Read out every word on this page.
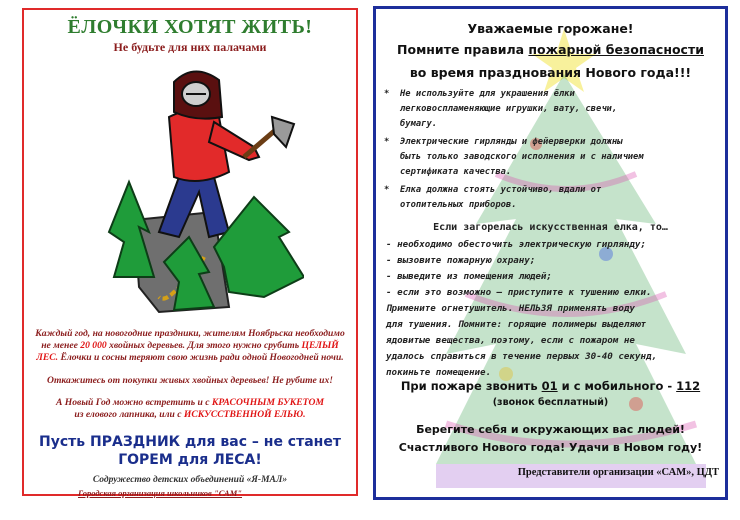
ЁЛОЧКИ ХОТЯТ ЖИТЬ!
Не будьте для них палачами
Каждый год, на новогодние праздники, жителям Ноябрьска необходимо не менее 20 000 хвойных деревьев. Для этого нужно срубить ЦЕЛЫЙ ЛЕС. Ёлочки и сосны теряют свою жизнь ради одной Новогодней ночи.
Откажитесь от покупки живых хвойных деревьев! Не рубите их!
А Новый Год можно встретить и с КРАСОЧНЫМ БУКЕТОМ
из елового лапника, или с ИСКУССТВЕННОЙ ЕЛЬЮ.
Пусть ПРАЗДНИК для вас – не станет
ГОРЕМ для ЛЕСА!
Содружество детских объединений «Я-МАЛ»
Городская организация школьников "САМ"
Уважаемые горожане!
Помните правила пожарной безопасности
во время празднования Нового года!!!
*	Не используйте для украшения ёлки
легковоспламеняющие игрушки, вату, свечи,
бумагу.
*	Электрические гирлянды и фейерверки должны
быть только заводского исполнения и с наличием
сертификата качества.
*	Елка должна стоять устойчиво, вдали от
отопительных приборов.
Если загорелась искусственная елка, то…
- необходимо обесточить электрическую гирлянду;
- вызовите пожарную охрану;
- выведите из помещения людей;
- если это возможно – приступите к тушению елки.
Примените огнетушитель. НЕЛЬЗЯ применять воду
для тушения. Помните: горящие полимеры выделяют
ядовитые вещества, поэтому, если с пожаром не
удалось справиться в течение первых 30-40 секунд,
покиньте помещение.
При пожаре звонить 01 и с мобильного - 112
(звонок бесплатный)
Берегите себя и окружающих вас людей!
Счастливого Нового года! Удачи в Новом году!
Представители организации «САМ», ЦДТ
